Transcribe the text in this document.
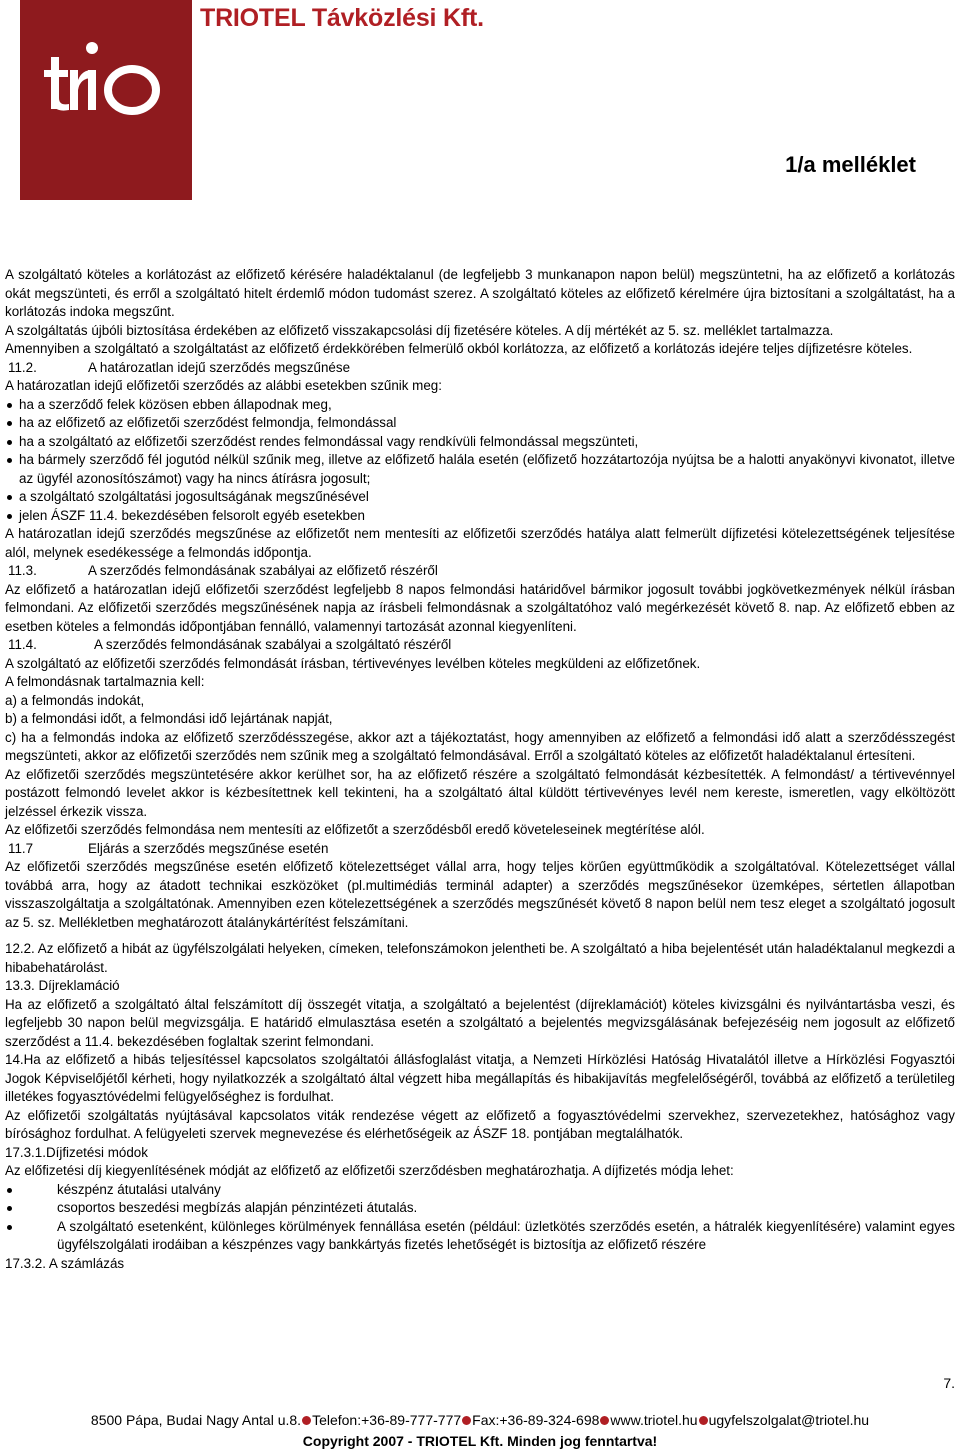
TRIOTEL Távközlési Kft.
1/a melléklet

A szolgáltató köteles a korlátozást az előfizető kérésére haladéktalanul (de legfeljebb 3 munkanapon napon belül) megszüntetni, ha az előfizető a korlátozás okát megszünteti, és erről a szolgáltató hitelt érdemlő módon tudomást szerez. A szolgáltató köteles az előfizető kérelmére újra biztosítani a szolgáltatást, ha a korlátozás indoka megszűnt.

A szolgáltatás újbóli biztosítása érdekében az előfizető visszakapcsolási díj fizetésére köteles. A díj mértékét az 5. sz. melléklet tartalmazza.

Amennyiben a szolgáltató a szolgáltatást az előfizető érdekkörében felmerülő okból korlátozza, az előfizető a korlátozás idejére teljes díjfizetésre köteles.

11.2.	A határozatlan idejű szerződés megszűnése

A határozatlan idejű előfizetői szerződés az alábbi esetekben szűnik meg:

ha a szerződő felek közösen ebben állapodnak meg,
ha az előfizető az előfizetői szerződést felmondja, felmondással
ha a szolgáltató az előfizetői szerződést rendes felmondással vagy rendkívüli felmondással megszünteti,
ha bármely szerződő fél jogutód nélkül szűnik meg, illetve az előfizető halála esetén (előfizető hozzátartozója nyújtsa be a halotti anyakönyvi kivonatot, illetve az ügyfél azonosítószámot) vagy ha nincs átírásra jogosult;
a szolgáltató szolgáltatási jogosultságának megszűnésével
jelen ÁSZF 11.4. bekezdésében felsorolt egyéb esetekben

A határozatlan idejű szerződés megszűnése az előfizetőt nem mentesíti az előfizetői szerződés hatálya alatt felmerült díjfizetési kötelezettségének teljesítése alól, melynek esedékessége a felmondás időpontja.

11.3.	A szerződés felmondásának szabályai az előfizető részéről

Az előfizető a határozatlan idejű előfizetői szerződést legfeljebb 8 napos felmondási határidővel bármikor jogosult további jogkövetkezmények nélkül írásban felmondani. Az előfizetői szerződés megszűnésének napja az írásbeli felmondásnak a szolgáltatóhoz való megérkezését követő 8. nap. Az előfizető ebben az esetben köteles a felmondás időpontjában fennálló, valamennyi tartozását azonnal kiegyenlíteni.

11.4.	A szerződés felmondásának szabályai a szolgáltató részéről

A szolgáltató az előfizetői szerződés felmondását írásban, tértivevényes levélben köteles megküldeni az előfizetőnek.

A felmondásnak tartalmaznia kell:

a) a felmondás indokát,

b) a felmondási időt, a felmondási idő lejártának napját,

c) ha a felmondás indoka az előfizető szerződésszegése, akkor azt a tájékoztatást, hogy amennyiben az előfizető a felmondási idő alatt a szerződésszegést megszünteti, akkor az előfizetői szerződés nem szűnik meg a szolgáltató felmondásával. Erről a szolgáltató köteles az előfizetőt haladéktalanul értesíteni.

Az előfizetői szerződés megszüntetésére akkor kerülhet sor, ha az előfizető részére a szolgáltató felmondását kézbesítették. A felmondást/ a tértivevénnyel postázott felmondó levelet akkor is kézbesítettnek kell tekinteni, ha a szolgáltató által küldött tértivevényes levél nem kereste, ismeretlen, vagy elköltözött jelzéssel érkezik vissza.

Az előfizetői szerződés felmondása nem mentesíti az előfizetőt a szerződésből eredő követeleseinek megtérítése alól.

11.7	Eljárás a szerződés megszűnése esetén

Az előfizetői szerződés megszűnése esetén előfizető kötelezettséget vállal arra, hogy teljes körűen együttműködik a szolgáltatóval. Kötelezettséget vállal továbbá arra, hogy az átadott technikai eszközöket (pl.multimédiás terminál adapter) a szerződés megszűnésekor üzemképes, sértetlen állapotban visszaszolgáltatja a szolgáltatónak. Amennyiben ezen kötelezettségének a szerződés megszűnését követő 8 napon belül nem tesz eleget a szolgáltató jogosult az 5. sz. Mellékletben meghatározott átalánykártérítést felszámítani.

12.2. Az előfizető a hibát az ügyfélszolgálati helyeken, címeken, telefonszámokon jelentheti be. A szolgáltató a hiba bejelentését után haladéktalanul megkezdi a hibabehatárolást.

13.3. Díjreklamáció

Ha az előfizető a szolgáltató által felszámított díj összegét vitatja, a szolgáltató a bejelentést (díjreklamációt) köteles kivizsgálni és nyilvántartásba veszi, és legfeljebb 30 napon belül megvizsgálja. E határidő elmulasztása esetén a szolgáltató a bejelentés megvizsgálásának befejezéséig nem jogosult az előfizető szerződést a 11.4. bekezdésében foglaltak szerint felmondani.

14.Ha az előfizető a hibás teljesítéssel kapcsolatos szolgáltatói állásfoglalást vitatja, a Nemzeti Hírközlési Hatóság Hivatalától illetve a Hírközlési Fogyasztói Jogok Képviselőjétől kérheti, hogy nyilatkozzék a szolgáltató által végzett hiba megállapítás és hibakijavítás megfelelőségéről, továbbá az előfizető a területileg illetékes fogyasztóvédelmi felügyelőséghez is fordulhat.

Az előfizetői szolgáltatás nyújtásával kapcsolatos viták rendezése végett az előfizető a fogyasztóvédelmi szervekhez, szervezetekhez, hatósághoz vagy bírósághoz fordulhat. A felügyeleti szervek megnevezése és elérhetőségeik az ÁSZF 18. pontjában megtalálhatók.

17.3.1.Díjfizetési módok

Az előfizetési díj kiegyenlítésének módját az előfizető az előfizetői szerződésben meghatározhatja. A díjfizetés módja lehet:

készpénz átutalási utalvány
csoportos beszedési megbízás alapján pénzintézeti átutalás.
A szolgáltató esetenként, különleges körülmények fennállása esetén (például: üzletkötés szerződés esetén, a hátralék kiegyenlítésére) valamint egyes ügyfélszolgálati irodáiban a készpénzes vagy bankkártyás fizetés lehetőségét is biztosítja az előfizető részére

17.3.2. A számlázás

7.
8500 Pápa, Budai Nagy Antal u.8. Telefon:+36-89-777-777 Fax:+36-89-324-698 www.triotel.hu ugyfelszolgalat@triotel.hu
Copyright 2007 - TRIOTEL Kft. Minden jog fenntartva!
